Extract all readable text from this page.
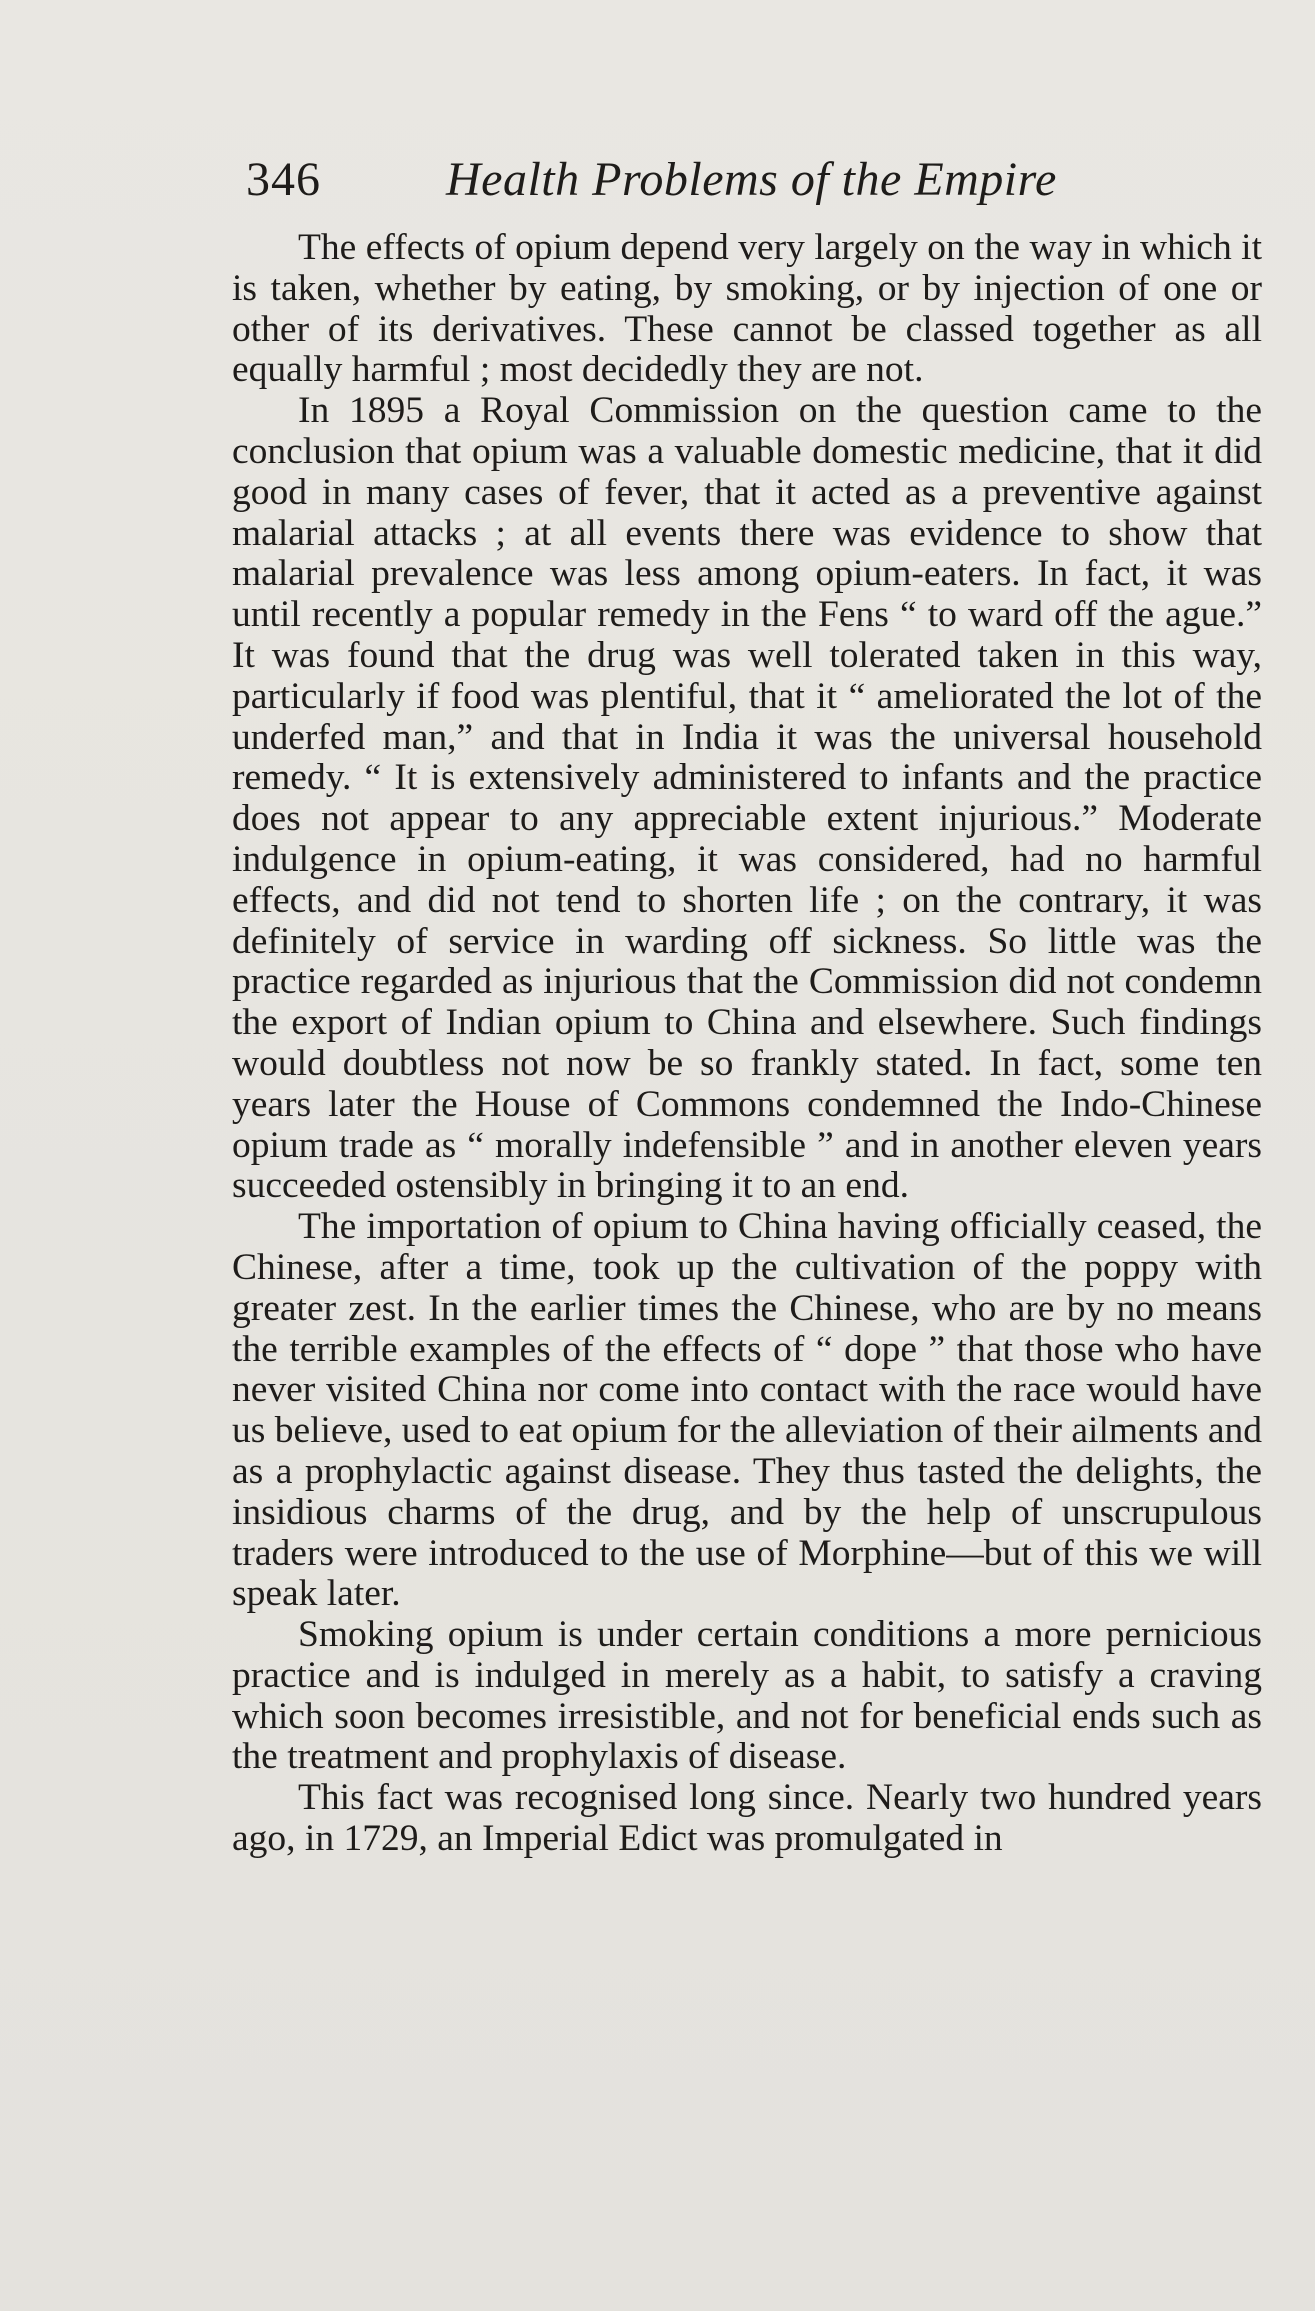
346	Health Problems of the Empire

The effects of opium depend very largely on the way in which it is taken, whether by eating, by smoking, or by injection of one or other of its derivatives. These cannot be classed together as all equally harmful ; most decidedly they are not.

In 1895 a Royal Commission on the question came to the conclusion that opium was a valuable domestic medicine, that it did good in many cases of fever, that it acted as a preventive against malarial attacks ; at all events there was evidence to show that malarial prevalence was less among opium-eaters. In fact, it was until recently a popular remedy in the Fens “ to ward off the ague.” It was found that the drug was well tolerated taken in this way, particularly if food was plentiful, that it “ ameliorated the lot of the underfed man,” and that in India it was the universal household remedy. “ It is extensively administered to infants and the practice does not appear to any appreciable extent injurious.” Moderate indulgence in opium-eating, it was considered, had no harmful effects, and did not tend to shorten life ; on the contrary, it was definitely of service in warding off sickness. So little was the practice regarded as injurious that the Commission did not condemn the export of Indian opium to China and elsewhere. Such findings would doubtless not now be so frankly stated. In fact, some ten years later the House of Commons condemned the Indo-Chinese opium trade as “ morally indefensible ” and in another eleven years succeeded ostensibly in bringing it to an end.

The importation of opium to China having officially ceased, the Chinese, after a time, took up the cultivation of the poppy with greater zest. In the earlier times the Chinese, who are by no means the terrible examples of the effects of “ dope ” that those who have never visited China nor come into contact with the race would have us believe, used to eat opium for the alleviation of their ailments and as a prophylactic against disease. They thus tasted the delights, the insidious charms of the drug, and by the help of unscrupulous traders were introduced to the use of Morphine—but of this we will speak later.

Smoking opium is under certain conditions a more pernicious practice and is indulged in merely as a habit, to satisfy a craving which soon becomes irresistible, and not for beneficial ends such as the treatment and prophylaxis of disease.

This fact was recognised long since. Nearly two hundred years ago, in 1729, an Imperial Edict was promulgated in
